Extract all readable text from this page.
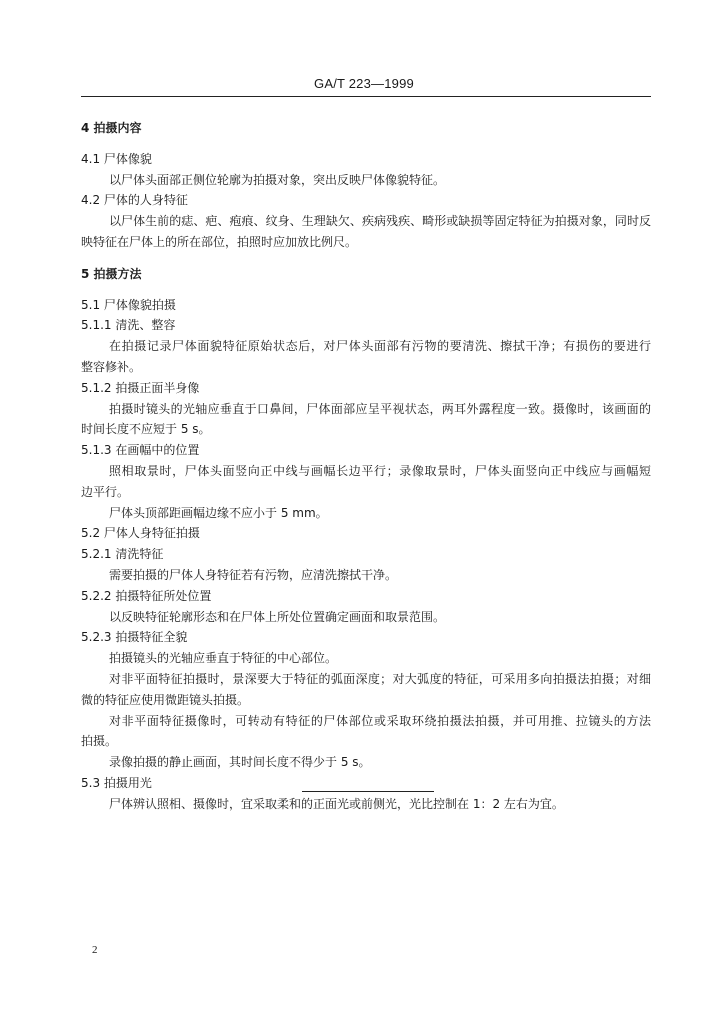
GA/T 223—1999
4 拍摄内容
4.1 尸体像貌
以尸体头面部正侧位轮廓为拍摄对象，突出反映尸体像貌特征。
4.2 尸体的人身特征
以尸体生前的痣、疤、疱痕、纹身、生理缺欠、疾病残疾、畸形或缺损等固定特征为拍摄对象，同时反
映特征在尸体上的所在部位，拍照时应加放比例尺。
5 拍摄方法
5.1 尸体像貌拍摄
5.1.1 清洗、整容
在拍摄记录尸体面貌特征原始状态后，对尸体头面部有污物的要清洗、擦拭干净；有损伤的要进行
整容修补。
5.1.2 拍摄正面半身像
拍摄时镜头的光轴应垂直于口鼻间，尸体面部应呈平视状态，两耳外露程度一致。摄像时，该画面的
时间长度不应短于 5 s。
5.1.3 在画幅中的位置
照相取景时，尸体头面竖向正中线与画幅长边平行；录像取景时，尸体头面竖向正中线应与画幅短
边平行。
尸体头顶部距画幅边缘不应小于 5 mm。
5.2 尸体人身特征拍摄
5.2.1 清洗特征
需要拍摄的尸体人身特征若有污物，应清洗擦拭干净。
5.2.2 拍摄特征所处位置
以反映特征轮廓形态和在尸体上所处位置确定画面和取景范围。
5.2.3 拍摄特征全貌
拍摄镜头的光轴应垂直于特征的中心部位。
对非平面特征拍摄时，景深要大于特征的弧面深度；对大弧度的特征，可采用多向拍摄法拍摄；对细
微的特征应使用微距镜头拍摄。
对非平面特征摄像时，可转动有特征的尸体部位或采取环绕拍摄法拍摄，并可用推、拉镜头的方法
拍摄。
录像拍摄的静止画面，其时间长度不得少于 5 s。
5.3 拍摄用光
尸体辨认照相、摄像时，宜采取柔和的正面光或前侧光，光比控制在 1：2 左右为宜。
2
